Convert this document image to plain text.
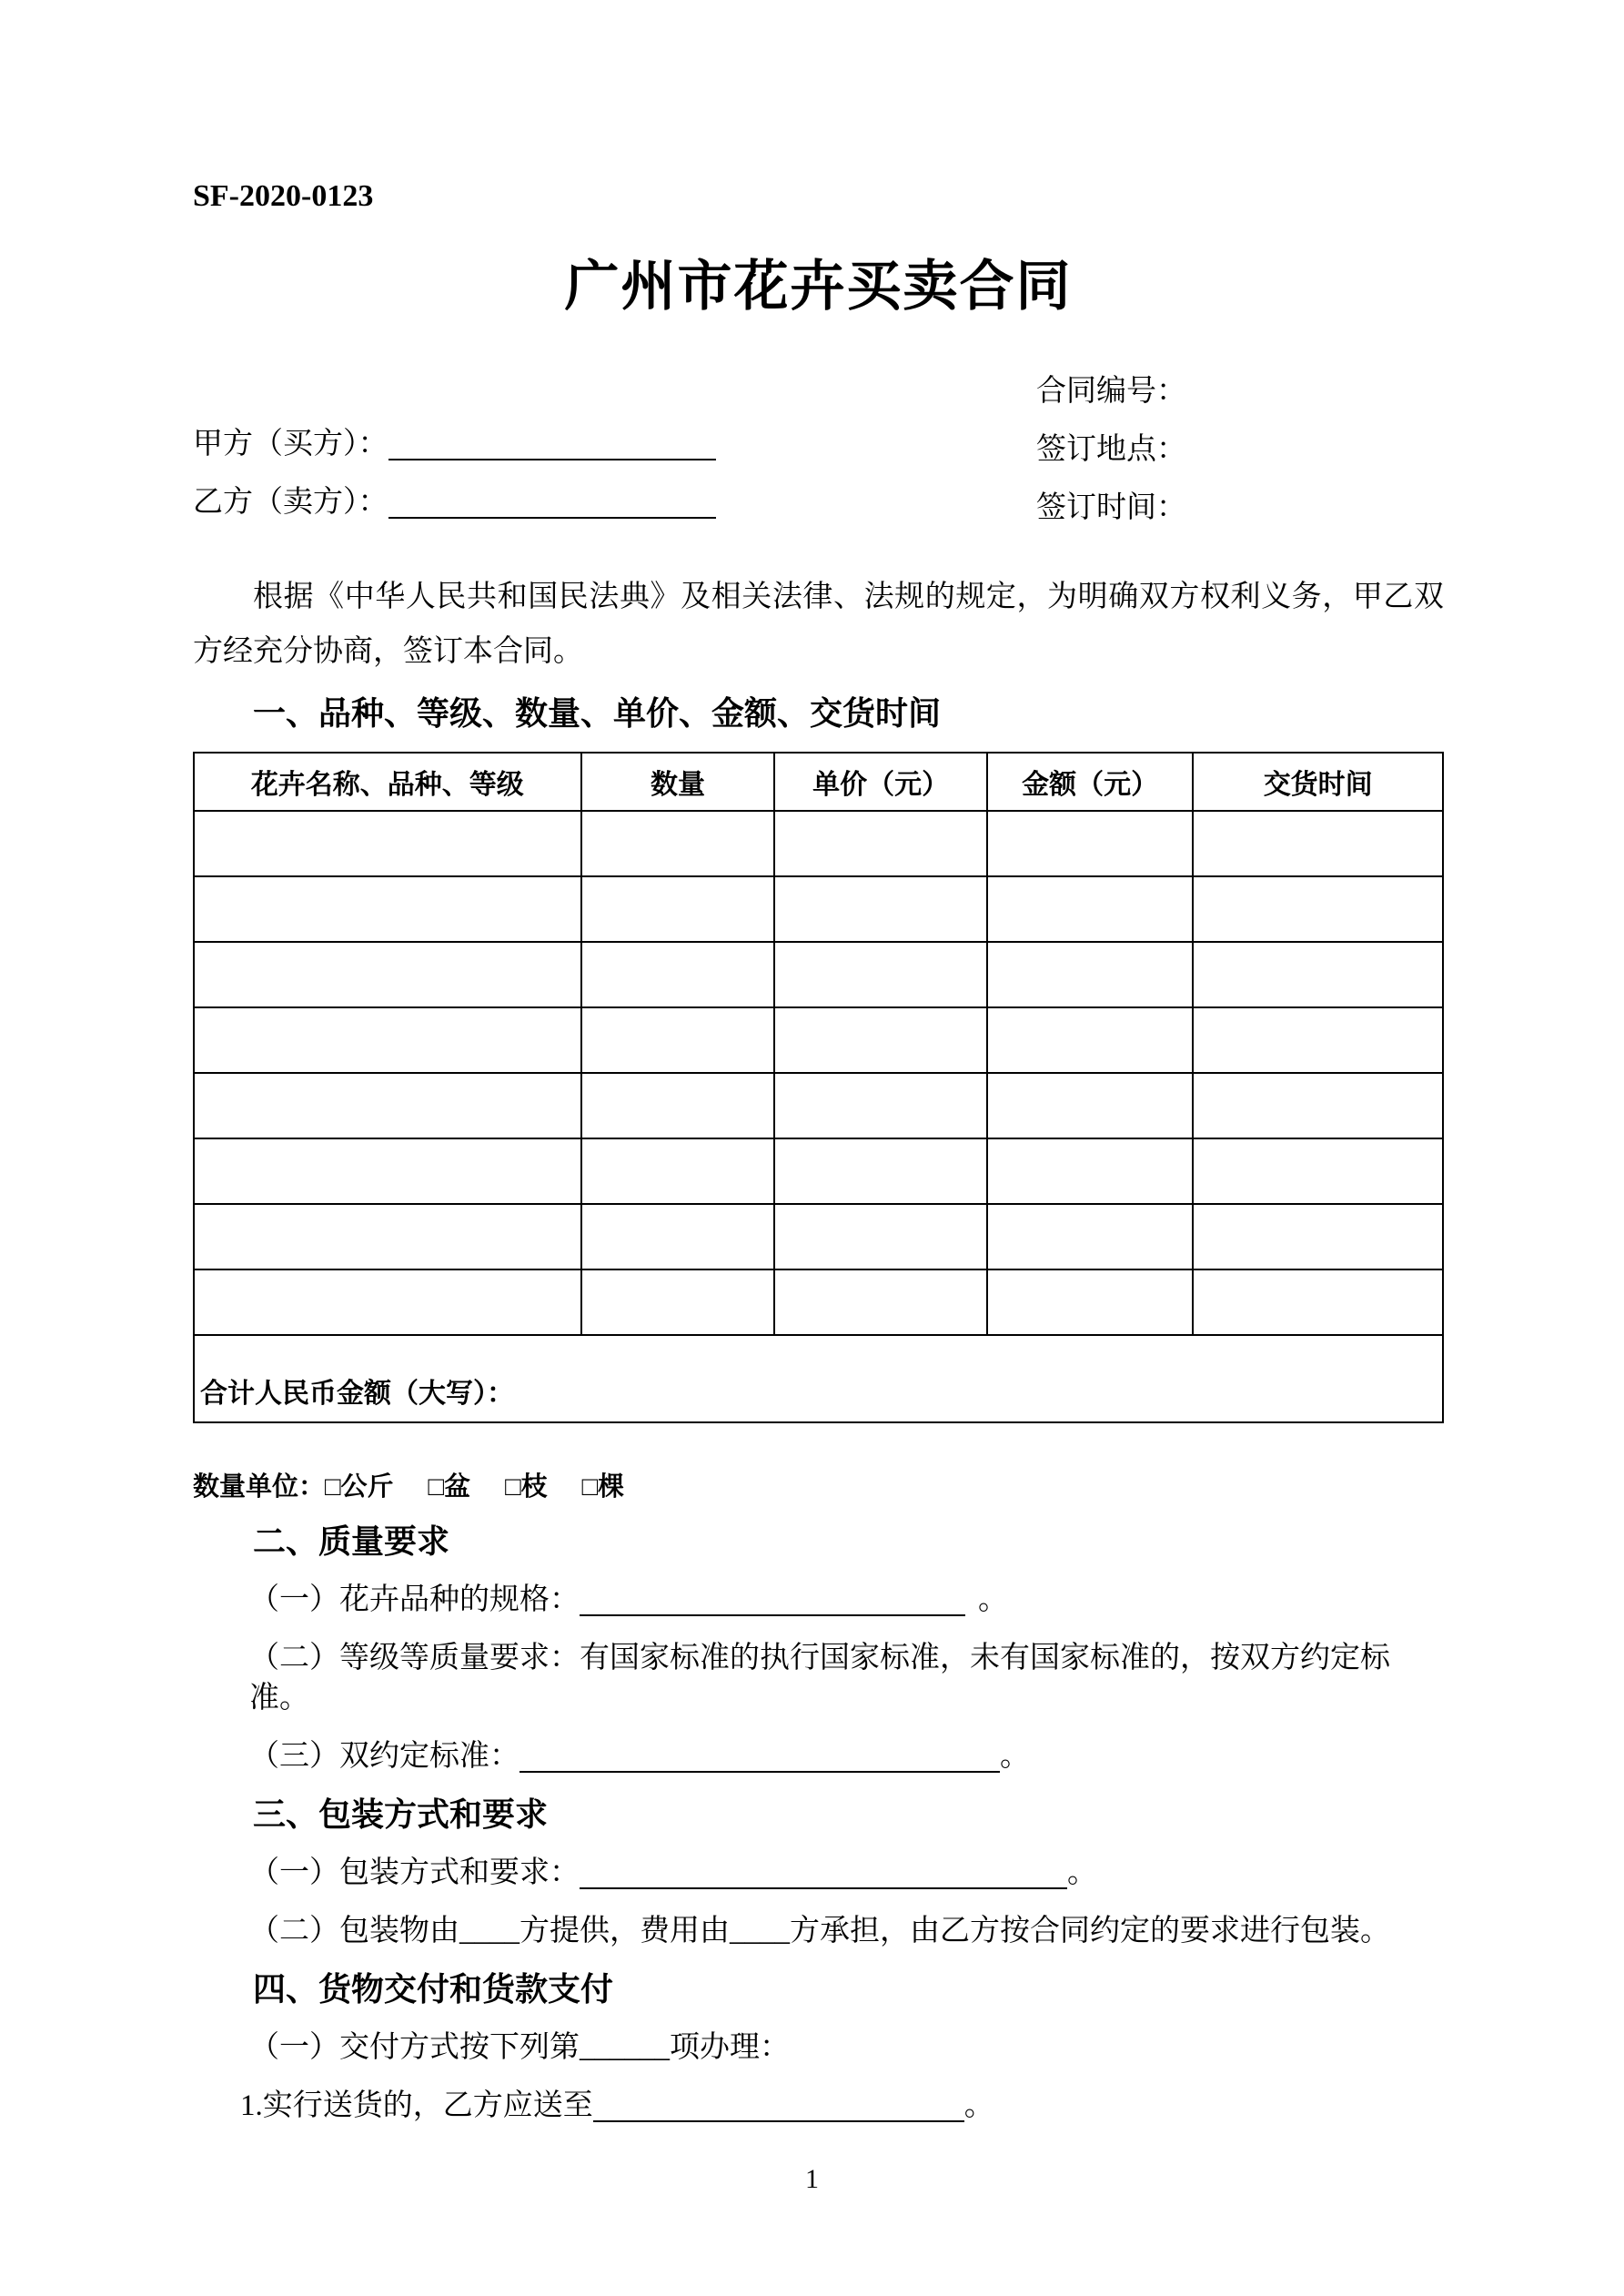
SF-2020-0123
广州市花卉买卖合同
甲方（买方）：
乙方（卖方）：
合同编号：
签订地点：
签订时间：

根据《中华人民共和国民法典》及相关法律、法规的规定，为明确双方权利义务，甲乙双方经充分协商，签订本合同。

一、品种、等级、数量、单价、金额、交货时间
花卉名称、品种、等级	数量	单价（元）	金额（元）	交货时间

合计人民币金额（大写）：				
数量单位：□公斤 □盆 □枝 □棵
二、质量要求

（一）花卉品种的规格：	。

（二）等级等质量要求：有国家标准的执行国家标准，未有国家标准的，按双方约定标准。

（三）双约定标准：	。

三、包装方式和要求

（一）包装方式和要求：	。

（二）包装物由____方提供，费用由____方承担，由乙方按合同约定的要求进行包装。

四、货物交付和货款支付

（一）交付方式按下列第______项办理：

1.实行送货的，乙方应送至	。

1
